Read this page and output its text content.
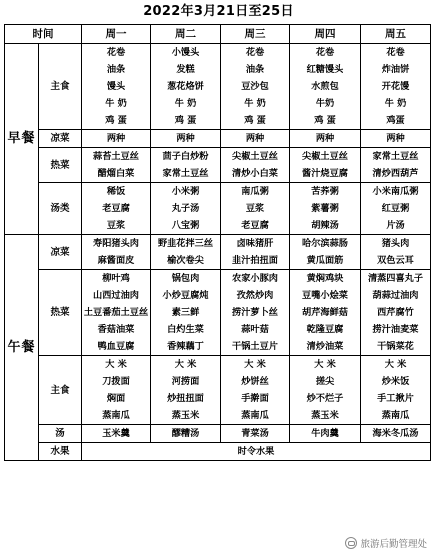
2022年3月21日至25日
时间		周一	周二	周三	周四	周五
早餐	主食	花卷	小馒头	花卷	花卷	花卷
		油条	发糕	油条	红糖馒头	炸油饼
		馒头	葱花烙饼	豆沙包	水煎包	开花馒
		牛 奶	牛 奶	牛 奶	牛奶	牛 奶
		鸡 蛋	鸡 蛋	鸡 蛋	鸡 蛋	鸡蛋
	凉菜	两种	两种	两种	两种	两种
	热菜	蒜苔土豆丝	茴子白炒粉	尖椒土豆丝	尖椒土豆丝	家常土豆丝
		醋熘白菜	家常土豆丝	清炒小白菜	酱汁烧豆腐	清炒西葫芦
	汤类	稀饭	小米粥	南瓜粥	苦荞粥	小米南瓜粥
		老豆腐	丸子汤	豆浆	紫薯粥	红豆粥
		豆浆	八宝粥	老豆腐	胡辣汤	片汤
午餐	凉菜	寿阳猪头肉	野韭花拌三丝	卤味猪肝	哈尔滨蒜肠	猪头肉
		麻酱面皮	榆次卷尖	韭汁拍扭面	黄瓜面筋	双色云耳
	热菜	柳叶鸡	锅包肉	农家小豚肉	黄焖鸡块	清蒸四喜丸子
		山西过油肉	小炒豆腐炖	孜然炒肉	豆嘴小烩菜	葫蒜过油肉
		土豆番茄土豆丝	素三鲜	捞汁萝卜丝	胡芹海鲜菇	西芹腐竹
		香菇油菜	白灼生菜	蒜叶菇	乾隆豆腐	捞汁油麦菜
		鸭血豆腐	香辣藕丁	干锅土豆片	清炒油菜	干锅菜花
	主食	大 米	大 米	大 米	大 米	大 米
		刀拨面	河捞面	炒饼丝	搓尖	炒米饭
		焖面	炒扭扭面	手擀面	炒不烂子	手工揪片
		蒸南瓜	蒸玉米	蒸南瓜	蒸玉米	蒸南瓜
	汤	玉米羹	醪糟汤	青菜汤	牛肉羹	海米冬瓜汤
	水果	时令水果				
旅游后勤管理处
